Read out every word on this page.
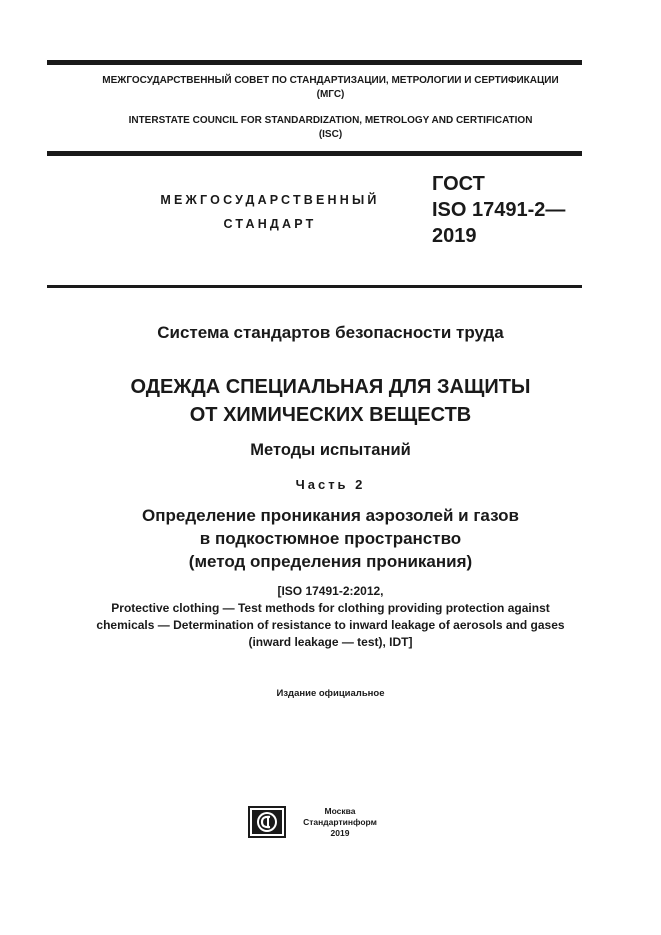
МЕЖГОСУДАРСТВЕННЫЙ СОВЕТ ПО СТАНДАРТИЗАЦИИ, МЕТРОЛОГИИ И СЕРТИФИКАЦИИ
(МГС)
INTERSTATE COUNCIL FOR STANDARDIZATION, METROLOGY AND CERTIFICATION
(ISC)
МЕЖГОСУДАРСТВЕННЫЙ
СТАНДАРТ
ГОСТ
ISO 17491-2—
2019
Система стандартов безопасности труда
ОДЕЖДА СПЕЦИАЛЬНАЯ ДЛЯ ЗАЩИТЫ
ОТ ХИМИЧЕСКИХ ВЕЩЕСТВ
Методы испытаний
Часть 2
Определение проникания аэрозолей и газов
в подкостюмное пространство
(метод определения проникания)
[ISO 17491-2:2012,
Protective clothing — Test methods for clothing providing protection against
chemicals — Determination of resistance to inward leakage of aerosols and gases
(inward leakage — test), IDT]
Издание официальное
Москва
Стандартинформ
2019
